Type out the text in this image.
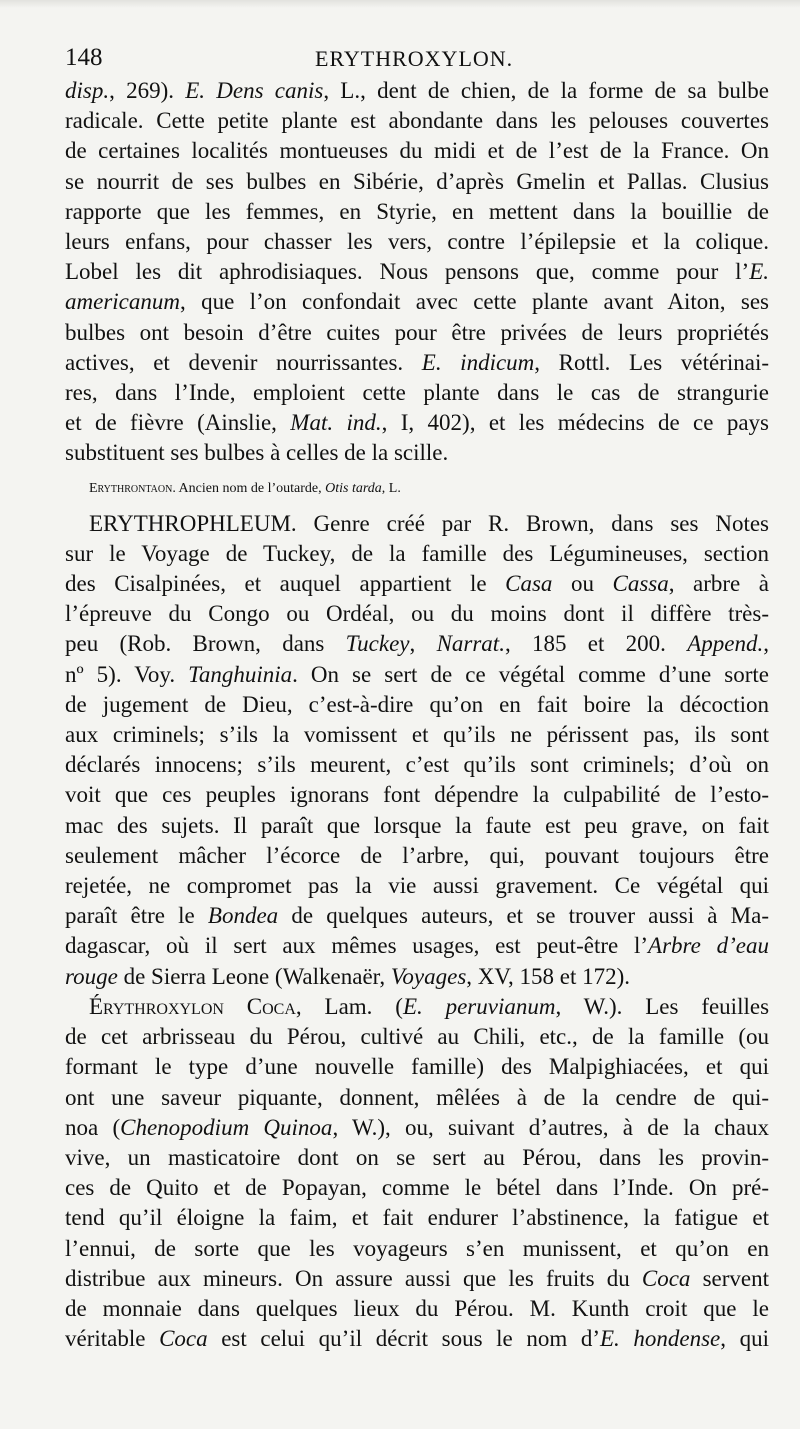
148	ERYTHROXYLON.
disp., 269). E. Dens canis, L., dent de chien, de la forme de sa bulbe
radicale. Cette petite plante est abondante dans les pelouses couvertes
de certaines localités montueuses du midi et de l’est de la France. On
se nourrit de ses bulbes en Sibérie, d’après Gmelin et Pallas. Clusius
rapporte que les femmes, en Styrie, en mettent dans la bouillie de
leurs enfans, pour chasser les vers, contre l’épilepsie et la colique.
Lobel les dit aphrodisiaques. Nous pensons que, comme pour l’E.
americanum, que l’on confondait avec cette plante avant Aiton, ses
bulbes ont besoin d’être cuites pour être privées de leurs propriétés
actives, et devenir nourrissantes. E. indicum, Rottl. Les vétérinai-
res, dans l’Inde, emploient cette plante dans le cas de strangurie
et de fièvre (Ainslie, Mat. ind., I, 402), et les médecins de ce pays
substituent ses bulbes à celles de la scille.
Erythrontaon. Ancien nom de l’outarde, Otis tarda, L.
ERYTHROPHLEUM. Genre créé par R. Brown, dans ses Notes
sur le Voyage de Tuckey, de la famille des Légumineuses, section
des Cisalpinées, et auquel appartient le Casa ou Cassa, arbre à
l’épreuve du Congo ou Ordéal, ou du moins dont il diffère très-
peu (Rob. Brown, dans Tuckey, Narrat., 185 et 200. Append.,
nº 5). Voy. Tanghuinia. On se sert de ce végétal comme d’une sorte
de jugement de Dieu, c’est-à-dire qu’on en fait boire la décoction
aux criminels; s’ils la vomissent et qu’ils ne périssent pas, ils sont
déclarés innocens; s’ils meurent, c’est qu’ils sont criminels; d’où on
voit que ces peuples ignorans font dépendre la culpabilité de l’esto-
mac des sujets. Il paraît que lorsque la faute est peu grave, on fait
seulement mâcher l’écorce de l’arbre, qui, pouvant toujours être
rejetée, ne compromet pas la vie aussi gravement. Ce végétal qui
paraît être le Bondea de quelques auteurs, et se trouver aussi à Ma-
dagascar, où il sert aux mêmes usages, est peut-être l’Arbre d’eau
rouge de Sierra Leone (Walkenaër, Voyages, XV, 158 et 172).
Érythroxylon Coca, Lam. (E. peruvianum, W.). Les feuilles
de cet arbrisseau du Pérou, cultivé au Chili, etc., de la famille (ou
formant le type d’une nouvelle famille) des Malpighiacées, et qui
ont une saveur piquante, donnent, mêlées à de la cendre de qui-
noa (Chenopodium Quinoa, W.), ou, suivant d’autres, à de la chaux
vive, un masticatoire dont on se sert au Pérou, dans les provin-
ces de Quito et de Popayan, comme le bétel dans l’Inde. On pré-
tend qu’il éloigne la faim, et fait endurer l’abstinence, la fatigue et
l’ennui, de sorte que les voyageurs s’en munissent, et qu’on en
distribue aux mineurs. On assure aussi que les fruits du Coca servent
de monnaie dans quelques lieux du Pérou. M. Kunth croit que le
véritable Coca est celui qu’il décrit sous le nom d’E. hondense, qui
